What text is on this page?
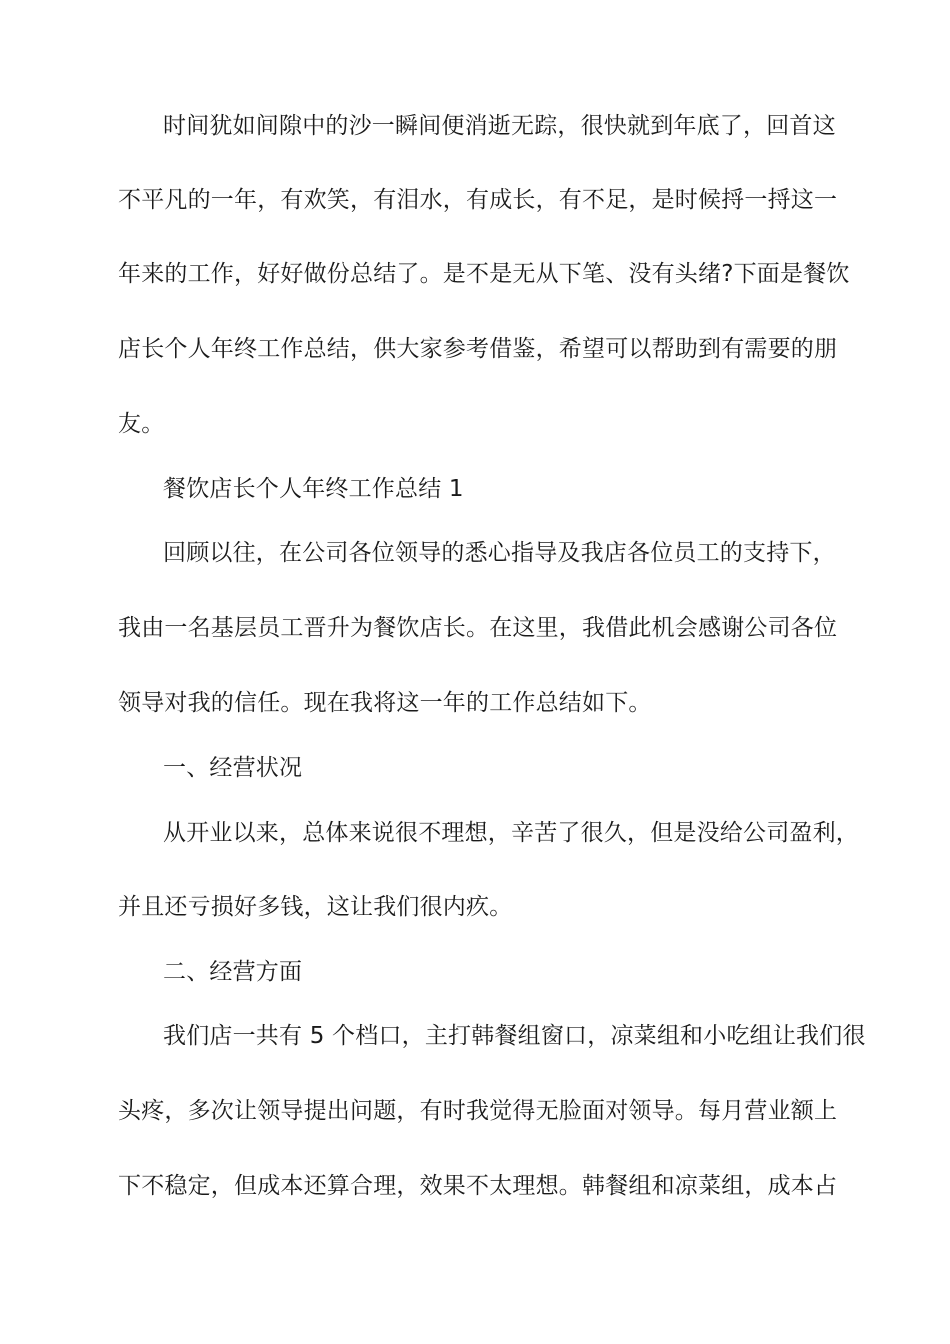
时间犹如间隙中的沙一瞬间便消逝无踪，很快就到年底了，回首这
不平凡的一年，有欢笑，有泪水，有成长，有不足，是时候捋一捋这一
年来的工作，好好做份总结了。是不是无从下笔、没有头绪?下面是餐饮
店长个人年终工作总结，供大家参考借鉴，希望可以帮助到有需要的朋
友。
餐饮店长个人年终工作总结 1
回顾以往，在公司各位领导的悉心指导及我店各位员工的支持下，
我由一名基层员工晋升为餐饮店长。在这里，我借此机会感谢公司各位
领导对我的信任。现在我将这一年的工作总结如下。
一、经营状况
从开业以来，总体来说很不理想，辛苦了很久，但是没给公司盈利，
并且还亏损好多钱，这让我们很内疚。
二、经营方面
我们店一共有 5 个档口，主打韩餐组窗口，凉菜组和小吃组让我们很
头疼，多次让领导提出问题，有时我觉得无脸面对领导。每月营业额上
下不稳定，但成本还算合理，效果不太理想。韩餐组和凉菜组，成本占
